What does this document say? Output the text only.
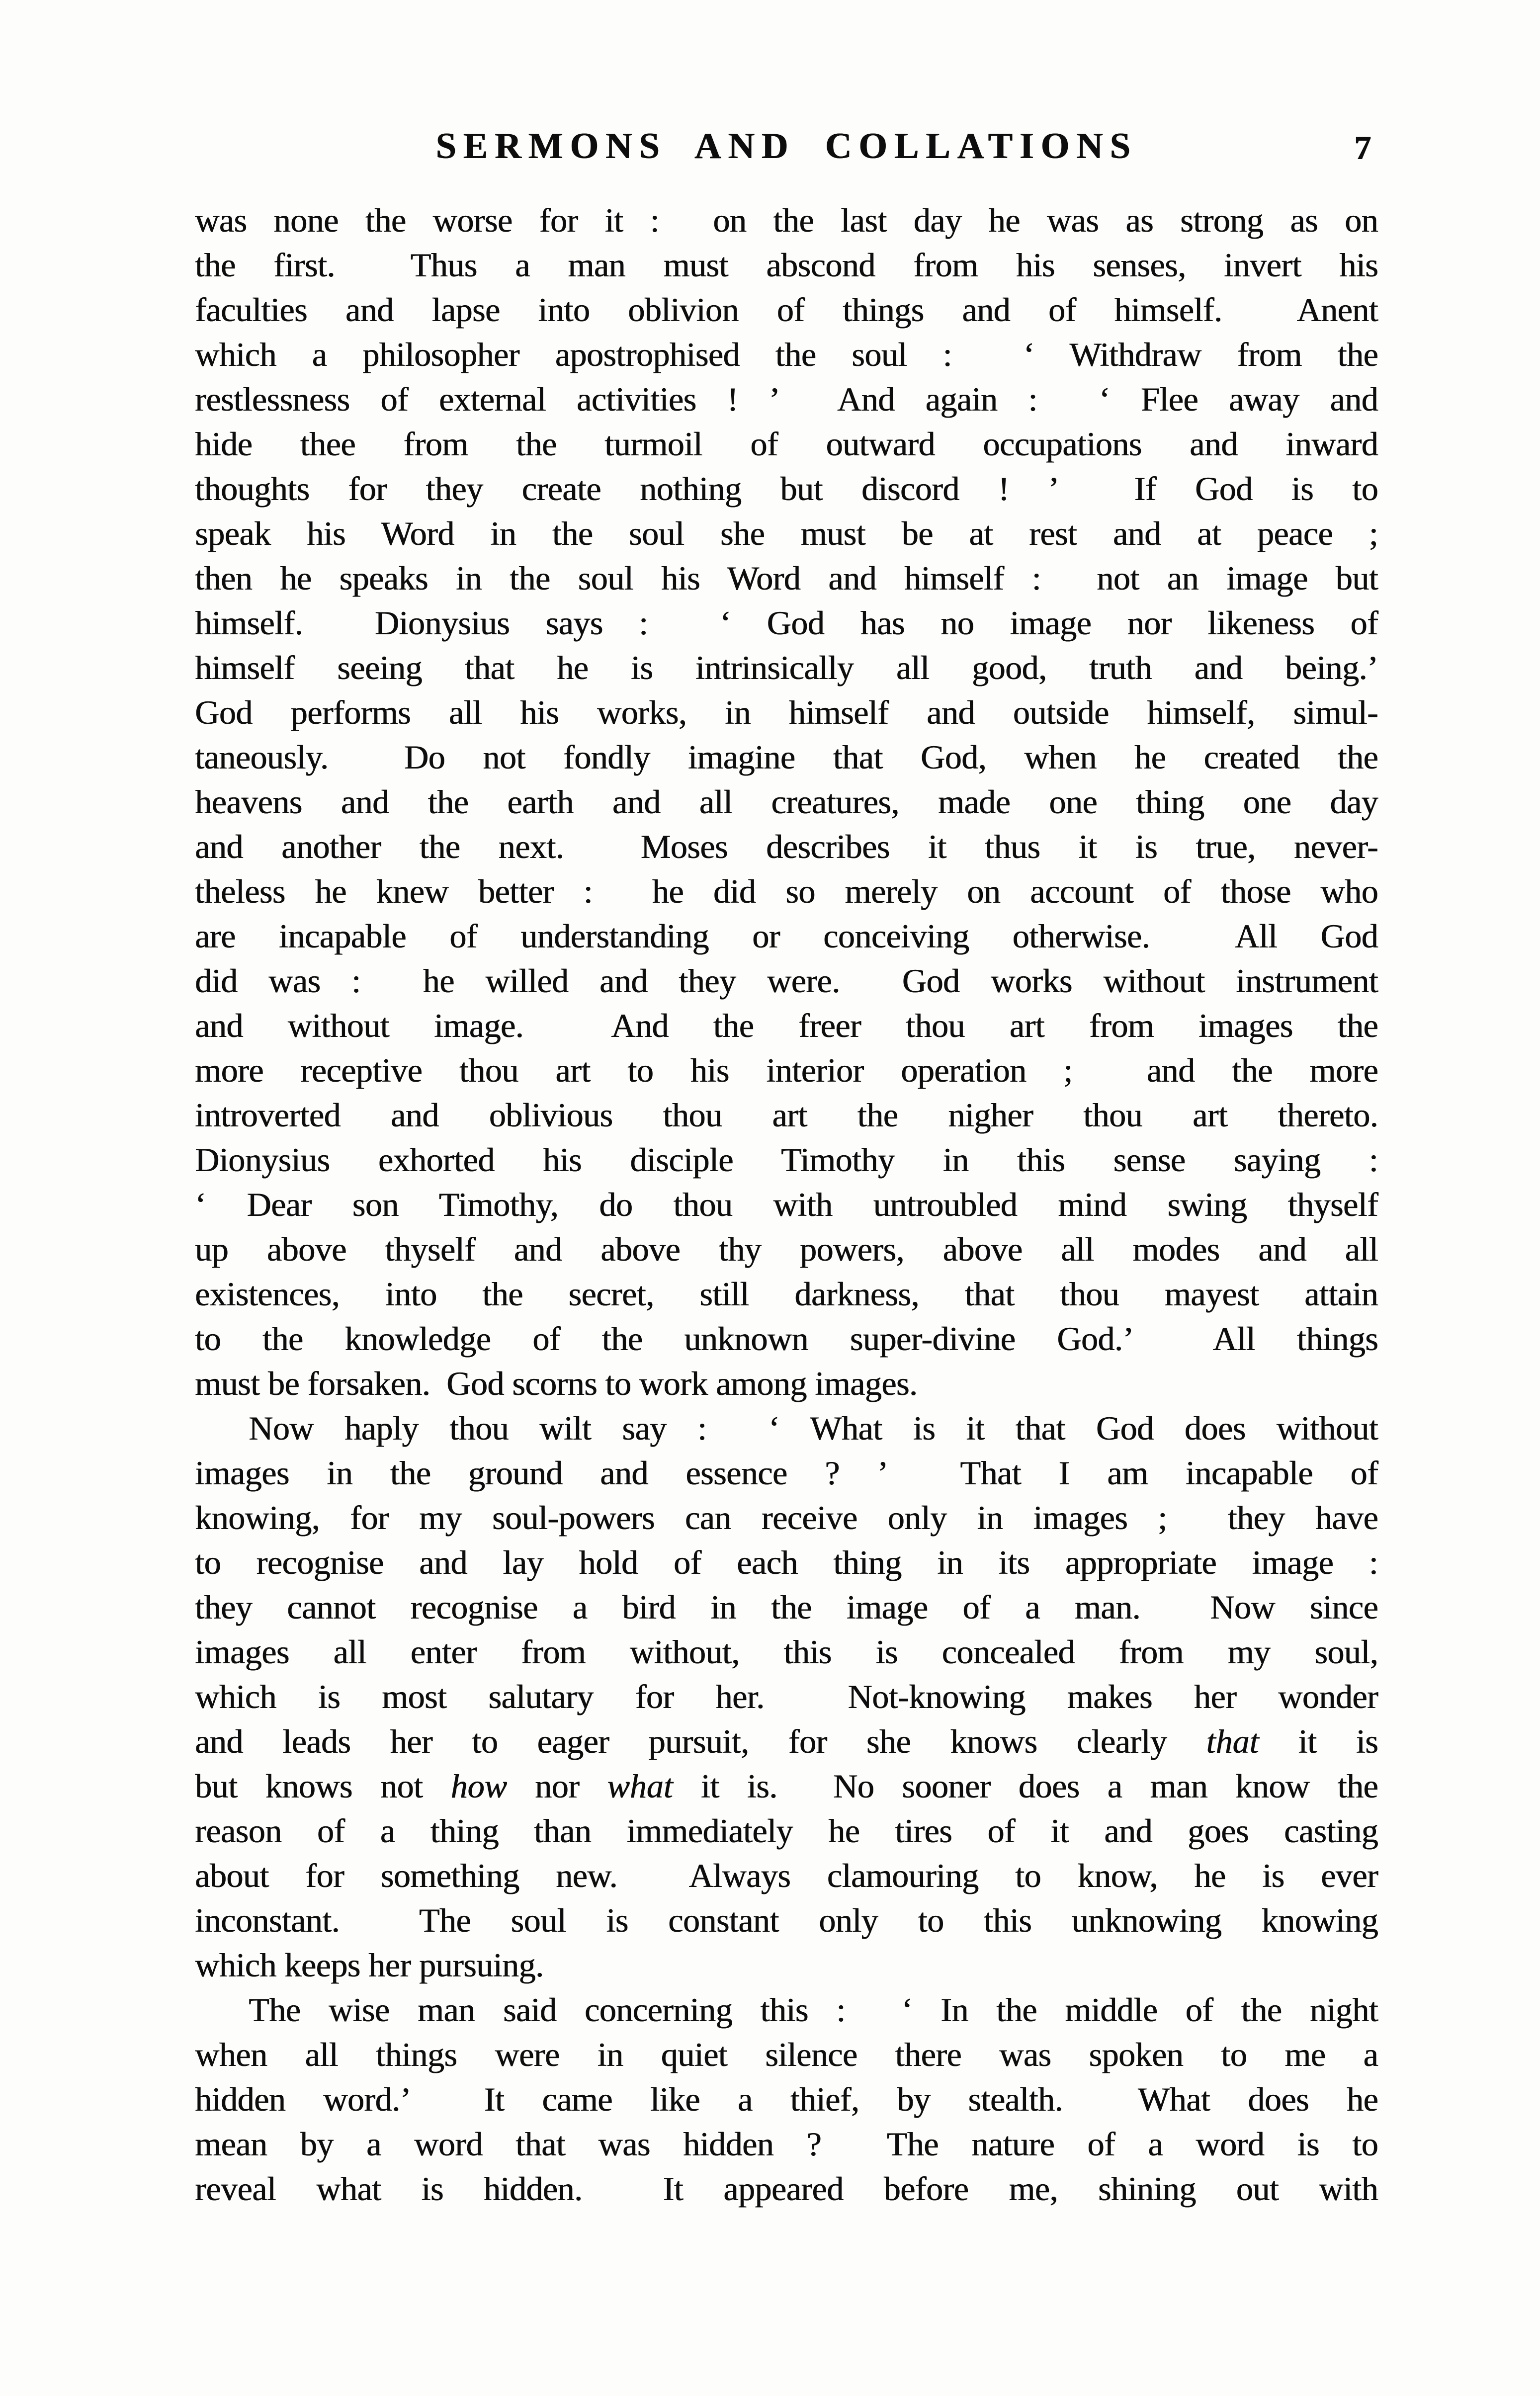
SERMONS AND COLLATIONS	7
was none the worse for it :  on the last day he was as strong as on
the first.  Thus a man must abscond from his senses, invert his
faculties and lapse into oblivion of things and of himself.  Anent
which a philosopher apostrophised the soul :  ‘ Withdraw from the
restlessness of external activities ! ’  And again :  ‘ Flee away and
hide thee from the turmoil of outward occupations and inward
thoughts for they create nothing but discord ! ’  If God is to
speak his Word in the soul she must be at rest and at peace ;
then he speaks in the soul his Word and himself :  not an image but
himself.  Dionysius says :  ‘ God has no image nor likeness of
himself seeing that he is intrinsically all good, truth and being.’
God performs all his works, in himself and outside himself, simul-
taneously.  Do not fondly imagine that God, when he created the
heavens and the earth and all creatures, made one thing one day
and another the next.  Moses describes it thus it is true, never-
theless he knew better :  he did so merely on account of those who
are incapable of understanding or conceiving otherwise.  All God
did was :  he willed and they were.  God works without instrument
and without image.  And the freer thou art from images the
more receptive thou art to his interior operation ;  and the more
introverted and oblivious thou art the nigher thou art thereto.
Dionysius exhorted his disciple Timothy in this sense saying :
‘ Dear son Timothy, do thou with untroubled mind swing thyself
up above thyself and above thy powers, above all modes and all
existences, into the secret, still darkness, that thou mayest attain
to the knowledge of the unknown super-divine God.’  All things
must be forsaken.  God scorns to work among images.
Now haply thou wilt say :  ‘ What is it that God does without
images in the ground and essence ? ’  That I am incapable of
knowing, for my soul-powers can receive only in images ;  they have
to recognise and lay hold of each thing in its appropriate image :
they cannot recognise a bird in the image of a man.  Now since
images all enter from without, this is concealed from my soul,
which is most salutary for her.  Not-knowing makes her wonder
and leads her to eager pursuit, for she knows clearly that it is
but knows not how nor what it is.  No sooner does a man know the
reason of a thing than immediately he tires of it and goes casting
about for something new.  Always clamouring to know, he is ever
inconstant.  The soul is constant only to this unknowing knowing
which keeps her pursuing.
The wise man said concerning this :  ‘ In the middle of the night
when all things were in quiet silence there was spoken to me a
hidden word.’  It came like a thief, by stealth.  What does he
mean by a word that was hidden ?  The nature of a word is to
reveal what is hidden.  It appeared before me, shining out with
